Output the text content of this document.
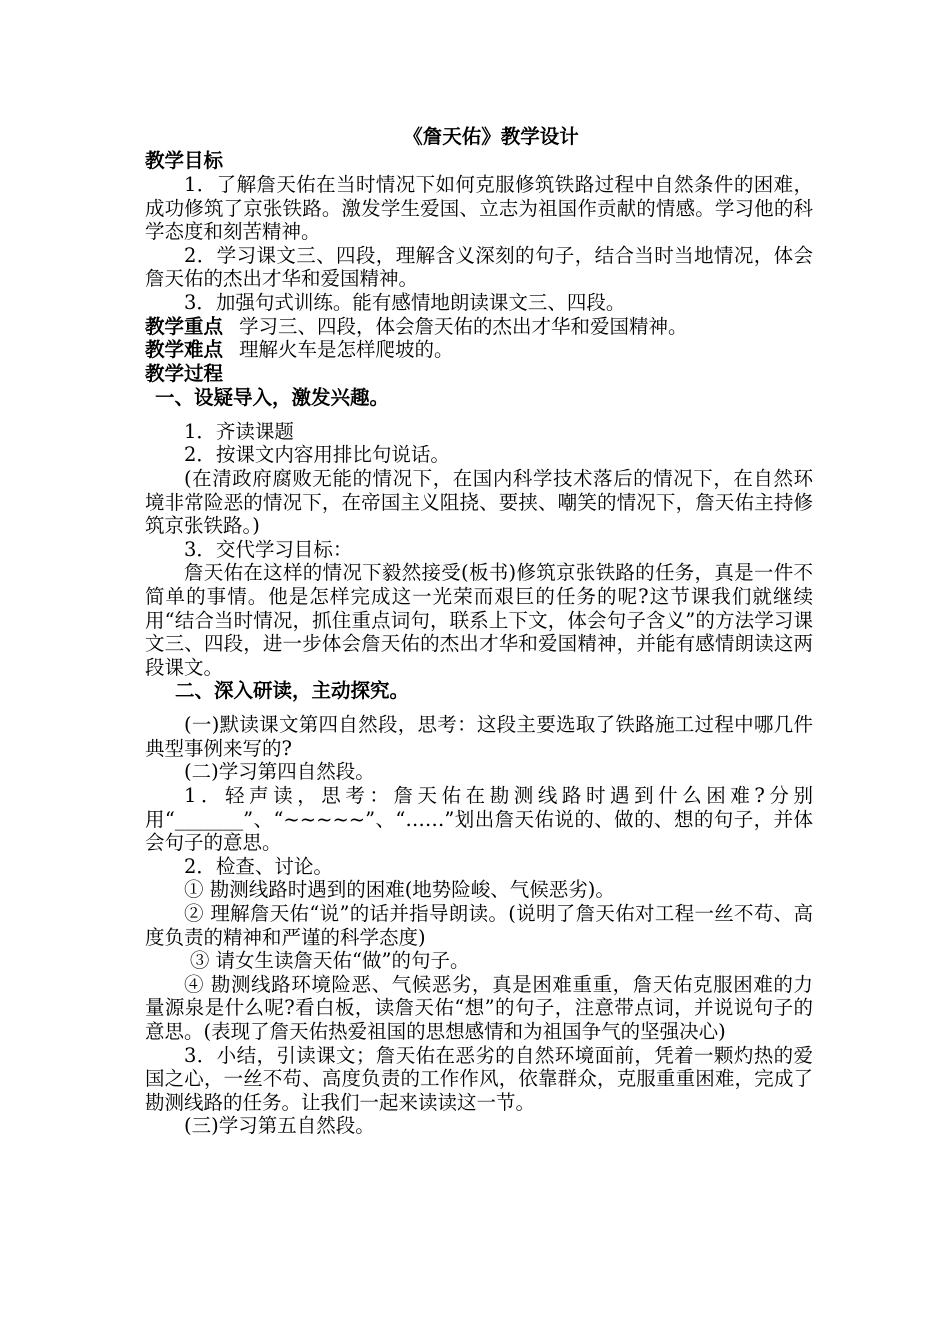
《詹天佑》教学设计
教学目标
1．了解詹天佑在当时情况下如何克服修筑铁路过程中自然条件的困难，成功修筑了京张铁路。激发学生爱国、立志为祖国作贡献的情感。学习他的科学态度和刻苦精神。
2．学习课文三、四段，理解含义深刻的句子，结合当时当地情况，体会詹天佑的杰出才华和爱国精神。
3．加强句式训练。能有感情地朗读课文三、四段。
教学重点 学习三、四段，体会詹天佑的杰出才华和爱国精神。
教学难点 理解火车是怎样爬坡的。
教学过程
一、设疑导入，激发兴趣。
1．齐读课题
2．按课文内容用排比句说话。
(在清政府腐败无能的情况下，在国内科学技术落后的情况下，在自然环境非常险恶的情况下，在帝国主义阻挠、要挟、嘲笑的情况下，詹天佑主持修筑京张铁路。)
3．交代学习目标：
詹天佑在这样的情况下毅然接受(板书)修筑京张铁路的任务，真是一件不简单的事情。他是怎样完成这一光荣而艰巨的任务的呢?这节课我们就继续用“结合当时情况，抓住重点词句，联系上下文，体会句子含义”的方法学习课文三、四段，进一步体会詹天佑的杰出才华和爱国精神，并能有感情朗读这两段课文。
二、深入研读，主动探究。
(一)默读课文第四自然段，思考：这段主要选取了铁路施工过程中哪几件典型事例来写的?
(二)学习第四自然段。
1．轻声读，思考：詹天佑在勘测线路时遇到什么困难?分别用“_______”、“~~~~~”、“……”划出詹天佑说的、做的、想的句子，并体会句子的意思。
2．检查、讨论。
① 勘测线路时遇到的困难(地势险峻、气候恶劣)。
② 理解詹天佑“说”的话并指导朗读。(说明了詹天佑对工程一丝不苟、高度负责的精神和严谨的科学态度)
③ 请女生读詹天佑“做”的句子。
④ 勘测线路环境险恶、气候恶劣，真是困难重重，詹天佑克服困难的力量源泉是什么呢?看白板，读詹天佑“想”的句子，注意带点词，并说说句子的意思。(表现了詹天佑热爱祖国的思想感情和为祖国争气的坚强决心)
3．小结，引读课文；詹天佑在恶劣的自然环境面前，凭着一颗灼热的爱国之心，一丝不苟、高度负责的工作作风，依靠群众，克服重重困难，完成了勘测线路的任务。让我们一起来读读这一节。
(三)学习第五自然段。
